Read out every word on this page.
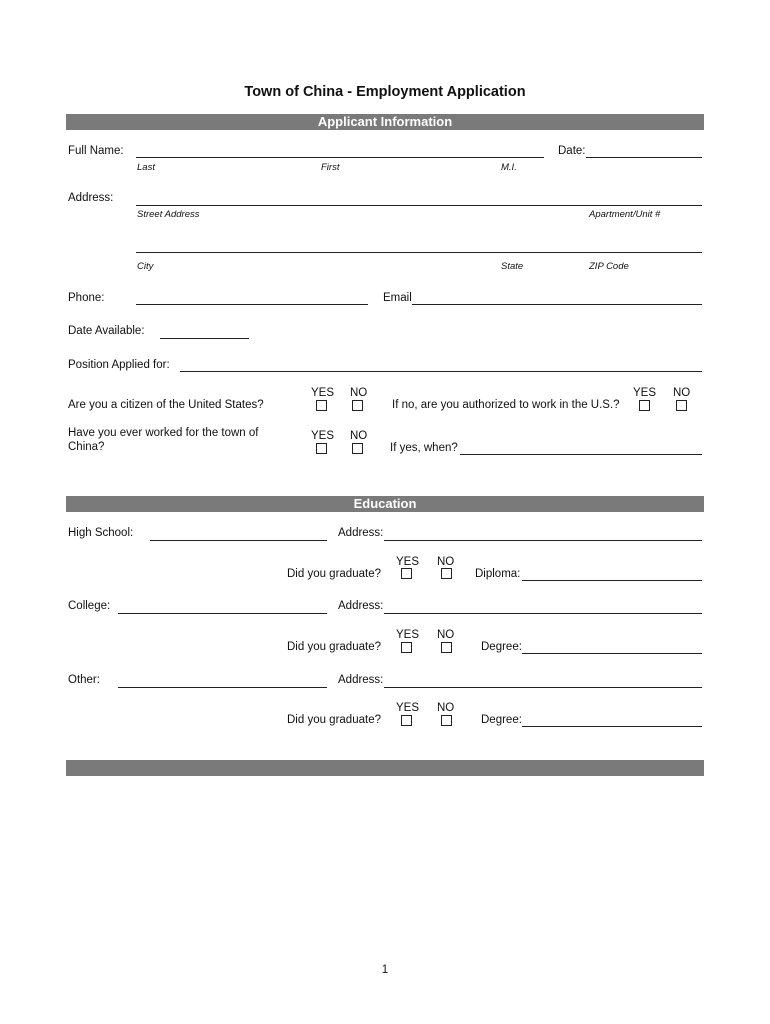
Town of China - Employment Application
Applicant Information
Full Name:	Date:
Last	First	M.I.
Address:
Street Address	Apartment/Unit #
City	State	ZIP Code
Phone:	Email
Date Available:
Position Applied for:
YES NO	YES NO
Are you a citizen of the United States?	If no, are you authorized to work in the U.S.?
Have you ever worked for the town of
China?
YES NO
If yes, when?
Education
High School:	Address:
YES NO
Did you graduate?	Diploma:
College:	Address:
YES NO
Did you graduate?	Degree:
Other:	Address:
YES NO
Did you graduate?	Degree:
1
